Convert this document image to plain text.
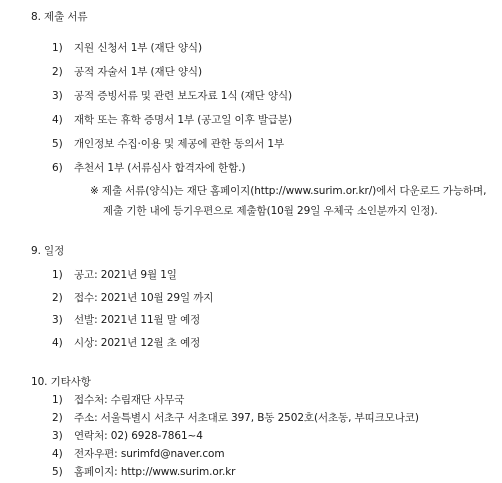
8. 제출 서류
1) 지원 신청서 1부 (재단 양식)
2) 공적 자술서 1부 (재단 양식)
3) 공적 증빙서류 및 관련 보도자료 1식 (재단 양식)
4) 재학 또는 휴학 증명서 1부 (공고일 이후 발급분)
5) 개인정보 수집·이용 및 제공에 관한 동의서 1부
6) 추천서 1부 (서류심사 합격자에 한함.)
※ 제출 서류(양식)는 재단 홈페이지(http://www.surim.or.kr/)에서 다운로드 가능하며,
제출 기한 내에 등기우편으로 제출함(10월 29일 우체국 소인분까지 인정).
9. 일정
1) 공고: 2021년 9월 1일
2) 접수: 2021년 10월 29일 까지
3) 선발: 2021년 11월 말 예정
4) 시상: 2021년 12월 초 예정
10. 기타사항
1) 접수처: 수림재단 사무국
2) 주소: 서울특별시 서초구 서초대로 397, B동 2502호(서초동, 부띠크모나코)
3) 연락처: 02) 6928-7861~4
4) 전자우편: surimfd@naver.com
5) 홈페이지: http://www.surim.or.kr
